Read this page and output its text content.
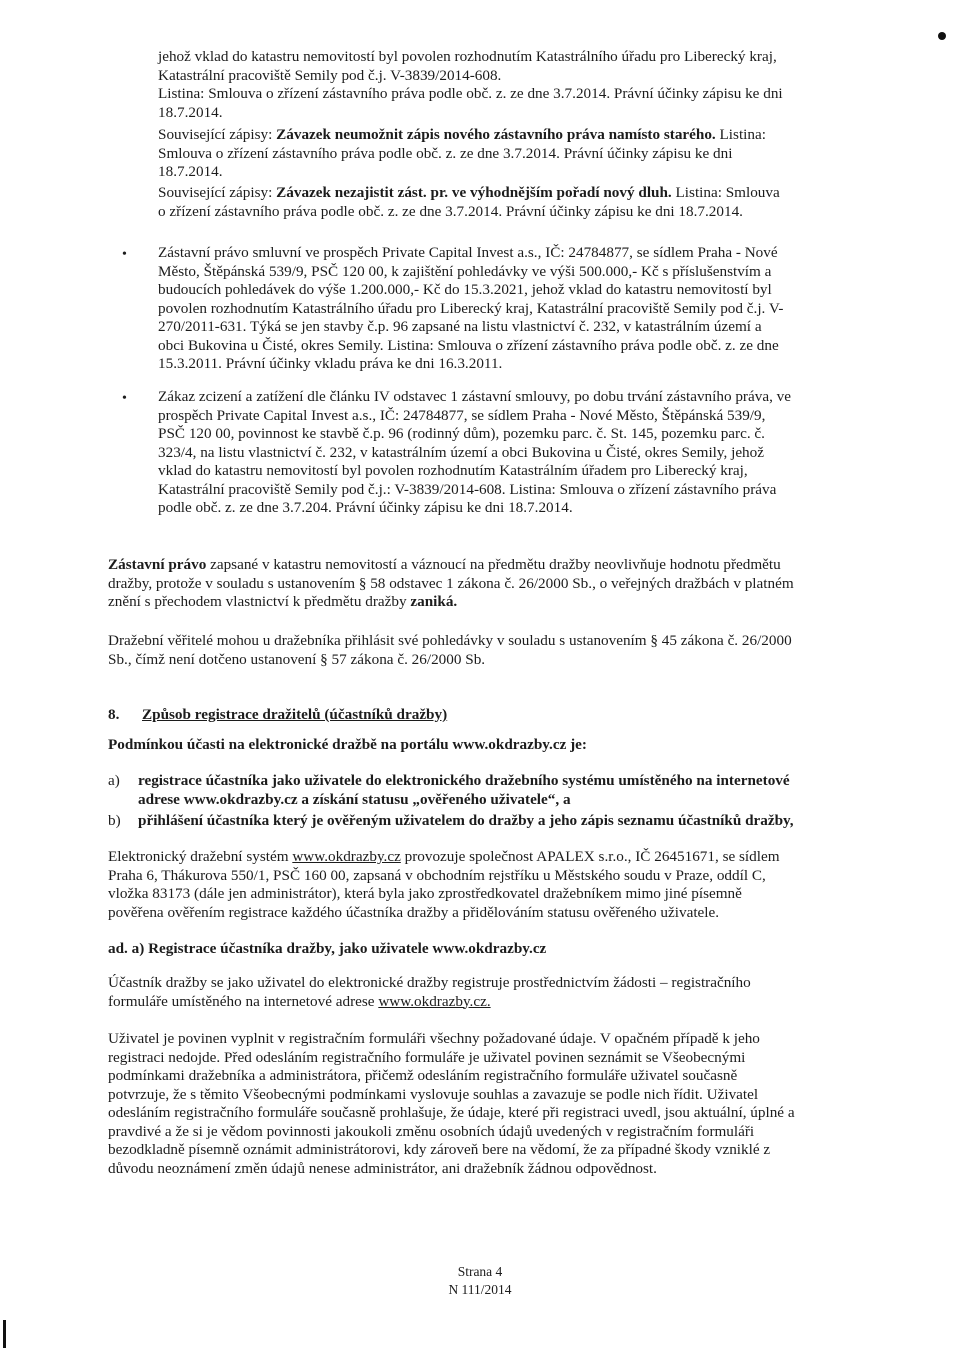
jehož vklad do katastru nemovitostí byl povolen rozhodnutím Katastrálního úřadu pro Liberecký kraj,
Katastrální pracoviště Semily pod č.j. V-3839/2014-608.
Listina: Smlouva o zřízení zástavního práva podle obč. z. ze dne 3.7.2014. Právní účinky zápisu ke dni
18.7.2014.

Související zápisy: Závazek neumožnit zápis nového zástavního práva namísto starého. Listina:
Smlouva o zřízení zástavního práva podle obč. z. ze dne 3.7.2014. Právní účinky zápisu ke dni
18.7.2014.

Související zápisy: Závazek nezajistit zást. pr. ve výhodnějším pořadí nový dluh. Listina: Smlouva
o zřízení zástavního práva podle obč. z. ze dne 3.7.2014. Právní účinky zápisu ke dni 18.7.2014.

• Zástavní právo smluvní ve prospěch Private Capital Invest a.s., IČ: 24784877, se sídlem Praha - Nové
Město, Štěpánská 539/9, PSČ 120 00, k zajištění pohledávky ve výši 500.000,- Kč s příslušenstvím a
budoucích pohledávek do výše 1.200.000,- Kč do 15.3.2021, jehož vklad do katastru nemovitostí byl
povolen rozhodnutím Katastrálního úřadu pro Liberecký kraj, Katastrální pracoviště Semily pod č.j. V-
270/2011-631. Týká se jen stavby č.p. 96 zapsané na listu vlastnictví č. 232, v katastrálním území a
obci Bukovina u Čisté, okres Semily. Listina: Smlouva o zřízení zástavního práva podle obč. z. ze dne
15.3.2011. Právní účinky vkladu práva ke dni 16.3.2011.

• Zákaz zcizení a zatížení dle článku IV odstavec 1 zástavní smlouvy, po dobu trvání zástavního práva, ve
prospěch Private Capital Invest a.s., IČ: 24784877, se sídlem Praha - Nové Město, Štěpánská 539/9,
PSČ 120 00, povinnost ke stavbě č.p. 96 (rodinný dům), pozemku parc. č. St. 145, pozemku parc. č.
323/4, na listu vlastnictví č. 232, v katastrálním území a obci Bukovina u Čisté, okres Semily, jehož
vklad do katastru nemovitostí byl povolen rozhodnutím Katastrálním úřadem pro Liberecký kraj,
Katastrální pracoviště Semily pod č.j.: V-3839/2014-608. Listina: Smlouva o zřízení zástavního práva
podle obč. z. ze dne 3.7.204. Právní účinky zápisu ke dni 18.7.2014.

Zástavní právo zapsané v katastru nemovitostí a váznoucí na předmětu dražby neovlivňuje hodnotu předmětu
dražby, protože v souladu s ustanovením § 58 odstavec 1 zákona č. 26/2000 Sb., o veřejných dražbách v platném
znění s přechodem vlastnictví k předmětu dražby zaniká.

Dražební věřitelé mohou u dražebníka přihlásit své pohledávky v souladu s ustanovením § 45 zákona č. 26/2000
Sb., čímž není dotčeno ustanovení § 57 zákona č. 26/2000 Sb.

8. Způsob registrace dražitelů (účastníků dražby)

Podmínkou účasti na elektronické dražbě na portálu www.okdrazby.cz je:

a) registrace účastníka jako uživatele do elektronického dražebního systému umístěného na internetové
adrese www.okdrazby.cz a získání statusu „ověřeného uživatele“, a
b) přihlášení účastníka který je ověřeným uživatelem do dražby a jeho zápis seznamu účastníků dražby,

Elektronický dražební systém www.okdrazby.cz provozuje společnost APALEX s.r.o., IČ 26451671, se sídlem
Praha 6, Thákurova 550/1, PSČ 160 00, zapsaná v obchodním rejstříku u Městského soudu v Praze, oddíl C,
vložka 83173 (dále jen administrátor), která byla jako zprostředkovatel dražebníkem mimo jiné písemně
pověřena ověřením registrace každého účastníka dražby a přidělováním statusu ověřeného uživatele.

ad. a) Registrace účastníka dražby, jako uživatele www.okdrazby.cz

Účastník dražby se jako uživatel do elektronické dražby registruje prostřednictvím žádosti – registračního
formuláře umístěného na internetové adrese www.okdrazby.cz.

Uživatel je povinen vyplnit v registračním formuláři všechny požadované údaje. V opačném případě k jeho
registraci nedojde. Před odesláním registračního formuláře je uživatel povinen seznámit se Všeobecnými
podmínkami dražebníka a administrátora, přičemž odesláním registračního formuláře uživatel současně
potvrzuje, že s těmito Všeobecnými podmínkami vyslovuje souhlas a zavazuje se podle nich řídit. Uživatel
odesláním registračního formuláře současně prohlašuje, že údaje, které při registraci uvedl, jsou aktuální, úplné a
pravdivé a že si je vědom povinnosti jakoukoli změnu osobních údajů uvedených v registračním formuláři
bezodkladně písemně oznámit administrátorovi, kdy zároveň bere na vědomí, že za případné škody vzniklé z
důvodu neoznámení změn údajů nenese administrátor, ani dražebník žádnou odpovědnost.

Strana 4
N 111/2014
